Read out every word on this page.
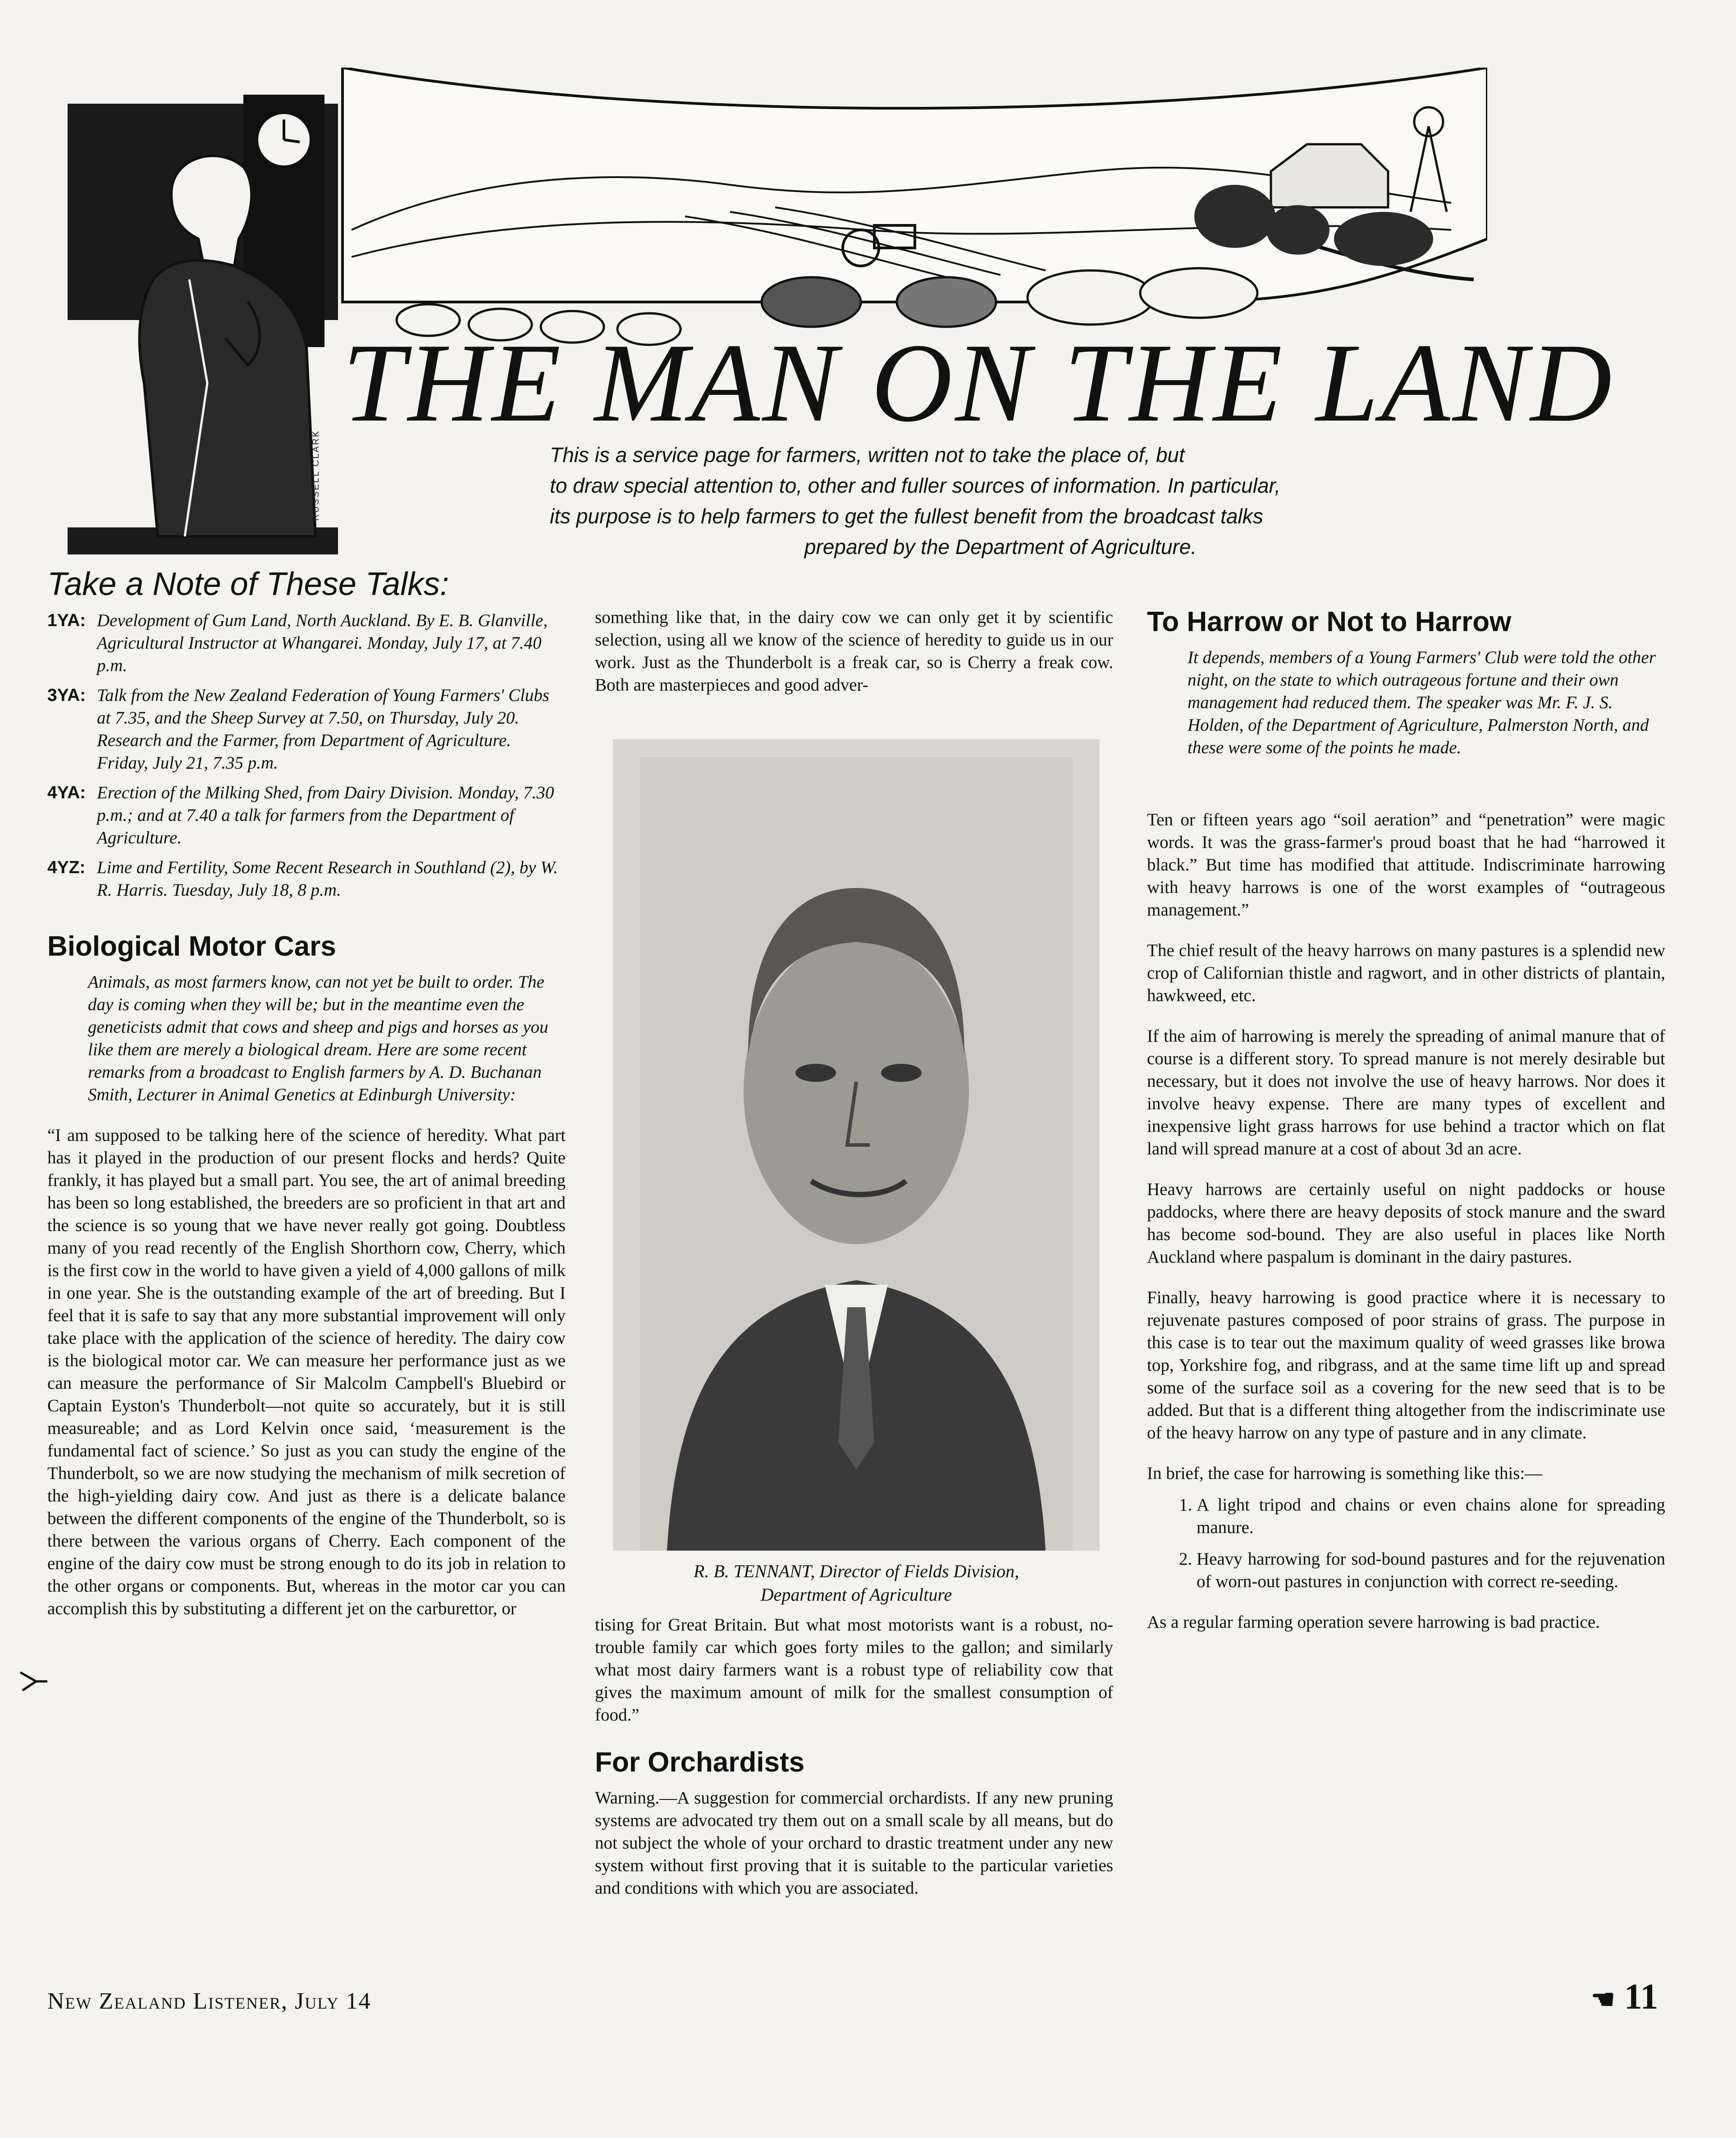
RUSSELL CLARK
THE MAN ON THE LAND
This is a service page for farmers, written not to take the place of, but
to draw special attention to, other and fuller sources of information. In particular,
its purpose is to help farmers to get the fullest benefit from the broadcast talks
prepared by the Department of Agriculture.
Take a Note of These Talks:
1YA: Development of Gum Land, North Auckland. By E. B. Glanville, Agricultural Instructor at Whangarei. Monday, July 17, at 7.40 p.m.
3YA: Talk from the New Zealand Federation of Young Farmers' Clubs at 7.35, and the Sheep Survey at 7.50, on Thursday, July 20. Research and the Farmer, from Department of Agriculture. Friday, July 21, 7.35 p.m.
4YA: Erection of the Milking Shed, from Dairy Division. Monday, 7.30 p.m.; and at 7.40 a talk for farmers from the Department of Agriculture.
4YZ: Lime and Fertility, Some Recent Research in Southland (2), by W. R. Harris. Tuesday, July 18, 8 p.m.
Biological Motor Cars

Animals, as most farmers know, can not yet be built to order. The day is coming when they will be; but in the meantime even the geneticists admit that cows and sheep and pigs and horses as you like them are merely a biological dream. Here are some recent remarks from a broadcast to English farmers by A. D. Buchanan Smith, Lecturer in Animal Genetics at Edinburgh University:

“I am supposed to be talking here of the science of heredity. What part has it played in the production of our present flocks and herds? Quite frankly, it has played but a small part. You see, the art of animal breeding has been so long established, the breeders are so proficient in that art and the science is so young that we have never really got going. Doubtless many of you read recently of the English Shorthorn cow, Cherry, which is the first cow in the world to have given a yield of 4,000 gallons of milk in one year. She is the outstanding example of the art of breeding. But I feel that it is safe to say that any more substantial improvement will only take place with the application of the science of heredity. The dairy cow is the biological motor car. We can measure her performance just as we can measure the performance of Sir Malcolm Campbell's Bluebird or Captain Eyston's Thunderbolt—not quite so accurately, but it is still measureable; and as Lord Kelvin once said, ‘measurement is the fundamental fact of science.’ So just as you can study the engine of the Thunderbolt, so we are now studying the mechanism of milk secretion of the high-yielding dairy cow. And just as there is a delicate balance between the different components of the engine of the Thunderbolt, so is there between the various organs of Cherry. Each component of the engine of the dairy cow must be strong enough to do its job in relation to the other organs or components. But, whereas in the motor car you can accomplish this by substituting a different jet on the carburettor, or

something like that, in the dairy cow we can only get it by scientific selection, using all we know of the science of heredity to guide us in our work. Just as the Thunderbolt is a freak car, so is Cherry a freak cow. Both are masterpieces and good adver-

R. B. TENNANT, Director of Fields Division,
Department of Agriculture

tising for Great Britain. But what most motorists want is a robust, no-trouble family car which goes forty miles to the gallon; and similarly what most dairy farmers want is a robust type of reliability cow that gives the maximum amount of milk for the smallest consumption of food.”

For Orchardists

Warning.—A suggestion for commercial orchardists. If any new pruning systems are advocated try them out on a small scale by all means, but do not subject the whole of your orchard to drastic treatment under any new system without first proving that it is suitable to the particular varieties and conditions with which you are associated.

To Harrow or Not to Harrow

It depends, members of a Young Farmers' Club were told the other night, on the state to which outrageous fortune and their own management had reduced them. The speaker was Mr. F. J. S. Holden, of the Department of Agriculture, Palmerston North, and these were some of the points he made.

Ten or fifteen years ago “soil aeration” and “penetration” were magic words. It was the grass-farmer's proud boast that he had “harrowed it black.” But time has modified that attitude. Indiscriminate harrowing with heavy harrows is one of the worst examples of “outrageous management.”

The chief result of the heavy harrows on many pastures is a splendid new crop of Californian thistle and ragwort, and in other districts of plantain, hawkweed, etc.

If the aim of harrowing is merely the spreading of animal manure that of course is a different story. To spread manure is not merely desirable but necessary, but it does not involve the use of heavy harrows. Nor does it involve heavy expense. There are many types of excellent and inexpensive light grass harrows for use behind a tractor which on flat land will spread manure at a cost of about 3d an acre.

Heavy harrows are certainly useful on night paddocks or house paddocks, where there are heavy deposits of stock manure and the sward has become sod-bound. They are also useful in places like North Auckland where paspalum is dominant in the dairy pastures.

Finally, heavy harrowing is good practice where it is necessary to rejuvenate pastures composed of poor strains of grass. The purpose in this case is to tear out the maximum quality of weed grasses like browa top, Yorkshire fog, and ribgrass, and at the same time lift up and spread some of the surface soil as a covering for the new seed that is to be added. But that is a different thing altogether from the indiscriminate use of the heavy harrow on any type of pasture and in any climate.

In brief, the case for harrowing is something like this:—

1. A light tripod and chains or even chains alone for spreading manure.
2. Heavy harrowing for sod-bound pastures and for the rejuvenation of worn-out pastures in conjunction with correct re-seeding.

As a regular farming operation severe harrowing is bad practice.

New Zealand Listener, July 14	☚ 11
